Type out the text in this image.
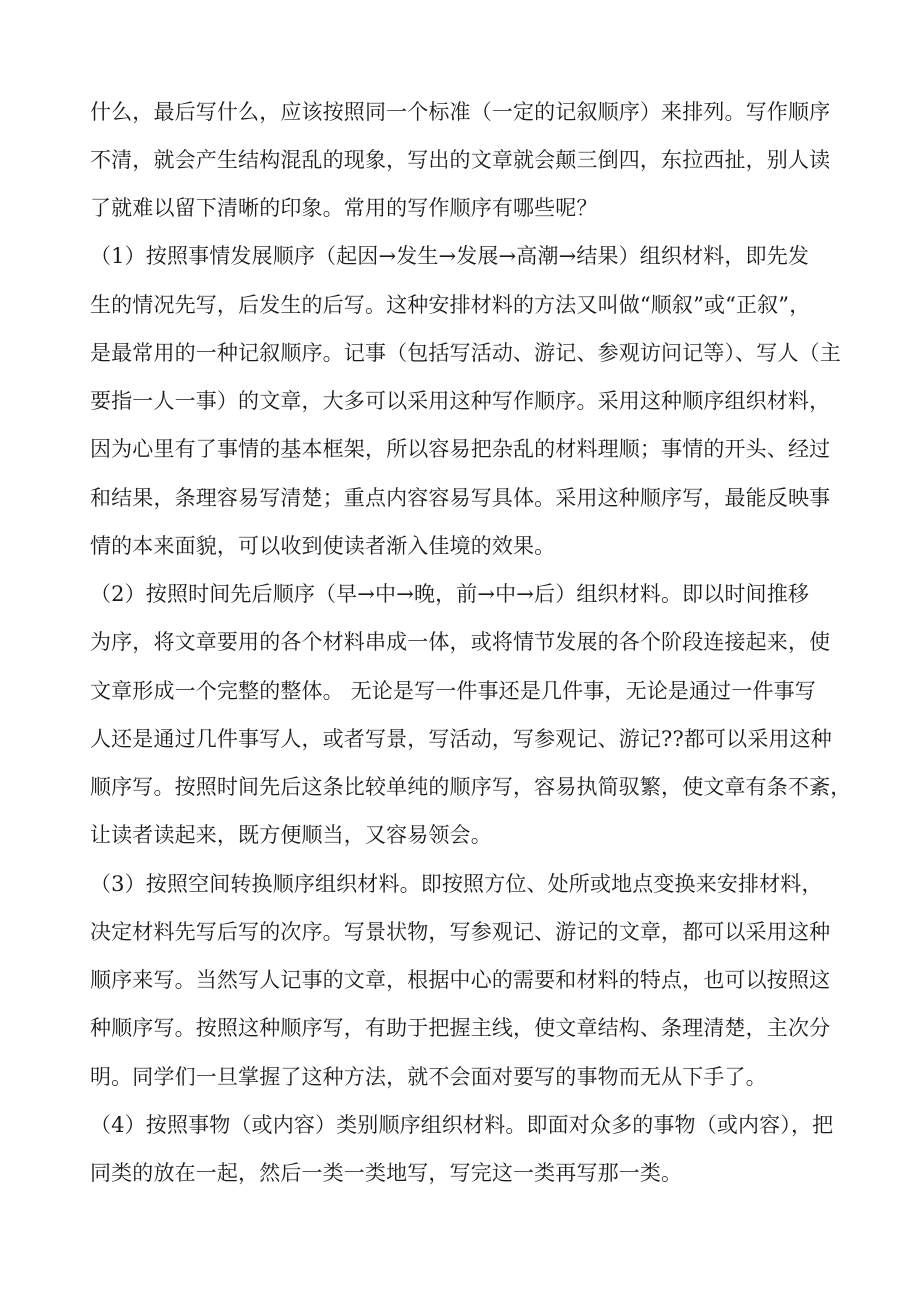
什么，最后写什么，应该按照同一个标准（一定的记叙顺序）来排列。写作顺序
不清，就会产生结构混乱的现象，写出的文章就会颠三倒四，东拉西扯，别人读
了就难以留下清晰的印象。常用的写作顺序有哪些呢？
（1）按照事情发展顺序（起因→发生→发展→高潮→结果）组织材料，即先发
生的情况先写，后发生的后写。这种安排材料的方法又叫做“顺叙”或“正叙”，
是最常用的一种记叙顺序。记事（包括写活动、游记、参观访问记等）、写人（主
要指一人一事）的文章，大多可以采用这种写作顺序。采用这种顺序组织材料，
因为心里有了事情的基本框架，所以容易把杂乱的材料理顺；事情的开头、经过
和结果，条理容易写清楚；重点内容容易写具体。采用这种顺序写，最能反映事
情的本来面貌，可以收到使读者渐入佳境的效果。
（2）按照时间先后顺序（早→中→晚，前→中→后）组织材料。即以时间推移
为序，将文章要用的各个材料串成一体，或将情节发展的各个阶段连接起来，使
文章形成一个完整的整体。 无论是写一件事还是几件事，无论是通过一件事写
人还是通过几件事写人，或者写景，写活动，写参观记、游记??都可以采用这种
顺序写。按照时间先后这条比较单纯的顺序写，容易执简驭繁，使文章有条不紊，
让读者读起来，既方便顺当，又容易领会。
（3）按照空间转换顺序组织材料。即按照方位、处所或地点变换来安排材料，
决定材料先写后写的次序。写景状物，写参观记、游记的文章，都可以采用这种
顺序来写。当然写人记事的文章，根据中心的需要和材料的特点，也可以按照这
种顺序写。按照这种顺序写，有助于把握主线，使文章结构、条理清楚，主次分
明。同学们一旦掌握了这种方法，就不会面对要写的事物而无从下手了。
（4）按照事物（或内容）类别顺序组织材料。即面对众多的事物（或内容），把
同类的放在一起，然后一类一类地写，写完这一类再写那一类。
